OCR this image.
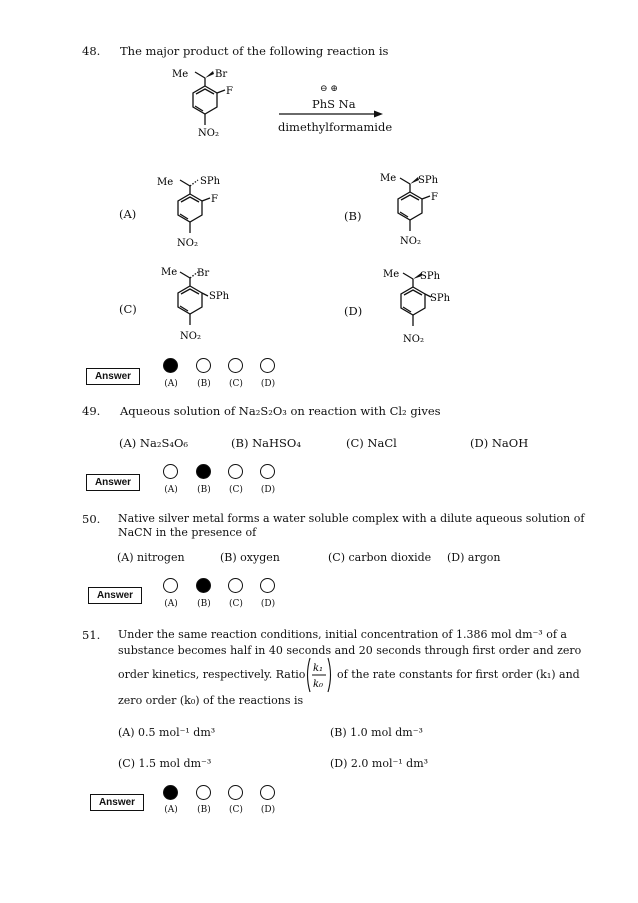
48. The major product of the following reaction is
Me	Br
F
NO₂
⊖ ⊕
PhS Na
dimethylformamide
(A)
Me	SPh
F
NO₂
(B)
Me SPh
F
NO₂
(C)
Me Br
SPh
NO₂
(D)
Me SPh
SPh
NO₂
Answer
(A)	(B)	(C)	(D)
49. Aqueous solution of Na₂S₂O₃ on reaction with Cl₂ gives
(A) Na₂S₄O₆	(B) NaHSO₄	(C) NaCl	(D) NaOH
Answer
(A)	(B)	(C)	(D)
50. Native silver metal forms a water soluble complex with a dilute aqueous solution of
NaCN in the presence of
(A) nitrogen	(B) oxygen	(C) carbon dioxide (D) argon
Answer
(A)	(B)	(C)	(D)
51. Under the same reaction conditions, initial concentration of 1.386 mol dm⁻³ of a
substance becomes half in 40 seconds and 20 seconds through first order and zero
order kinetics, respectively. Ratio k₁
k₀
of the rate constants for first order (k₁) and
zero order (k₀) of the reactions is
(A) 0.5 mol⁻¹ dm³	(B) 1.0 mol dm⁻³
(C) 1.5 mol dm⁻³	(D) 2.0 mol⁻¹ dm³
Answer
(A)	(B)	(C)	(D)
